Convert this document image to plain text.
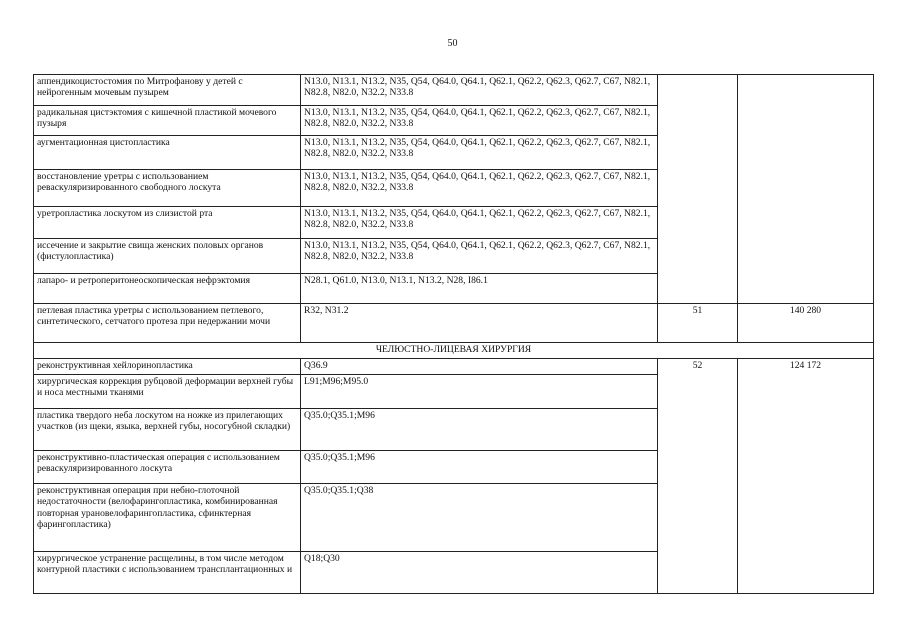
50
аппендикоцистостомия по Митрофанову у детей с нейрогенным мочевым пузырем	N13.0, N13.1, N13.2, N35, Q54, Q64.0, Q64.1, Q62.1, Q62.2, Q62.3, Q62.7, C67, N82.1, N82.8, N82.0, N32.2, N33.8		
радикальная цистэктомия с кишечной пластикой мочевого пузыря	N13.0, N13.1, N13.2, N35, Q54, Q64.0, Q64.1, Q62.1, Q62.2, Q62.3, Q62.7, C67, N82.1, N82.8, N82.0, N32.2, N33.8		
аугментационная цистопластика	N13.0, N13.1, N13.2, N35, Q54, Q64.0, Q64.1, Q62.1, Q62.2, Q62.3, Q62.7, C67, N82.1, N82.8, N82.0, N32.2, N33.8		
восстановление уретры с использованием реваскуляризированного свободного лоскута	N13.0, N13.1, N13.2, N35, Q54, Q64.0, Q64.1, Q62.1, Q62.2, Q62.3, Q62.7, C67, N82.1, N82.8, N82.0, N32.2, N33.8		
уретропластика лоскутом из слизистой рта	N13.0, N13.1, N13.2, N35, Q54, Q64.0, Q64.1, Q62.1, Q62.2, Q62.3, Q62.7, C67, N82.1, N82.8, N82.0, N32.2, N33.8		
иссечение и закрытие свища женских половых органов (фистулопластика)	N13.0, N13.1, N13.2, N35, Q54, Q64.0, Q64.1, Q62.1, Q62.2, Q62.3, Q62.7, C67, N82.1, N82.8, N82.0, N32.2, N33.8		
лапаро- и ретроперитонеоскопическая нефрэктомия	N28.1, Q61.0, N13.0, N13.1, N13.2, N28, I86.1		
петлевая пластика уретры с использованием петлевого, синтетического, сетчатого протеза при недержании мочи	R32, N31.2	51	140 280
ЧЕЛЮСТНО-ЛИЦЕВАЯ ХИРУРГИЯ			
реконструктивная хейлоринопластика	Q36.9	52	124 172
хирургическая коррекция рубцовой деформации верхней губы и носа местными тканями	L91;M96;M95.0		
пластика твердого неба лоскутом на ножке из прилегающих участков (из щеки, языка, верхней губы, носогубной складки)	Q35.0;Q35.1;M96		
реконструктивно-пластическая операция с использованием реваскуляризированного лоскута	Q35.0;Q35.1;M96		
реконструктивная операция при небно-глоточной недостаточности (велофарингопластика, комбинированная повторная урановелофарингопластика, сфинктерная фарингопластика)	Q35.0;Q35.1;Q38		
хирургическое устранение расщелины, в том числе методом контурной пластики с использованием трансплантационных и	Q18;Q30		
